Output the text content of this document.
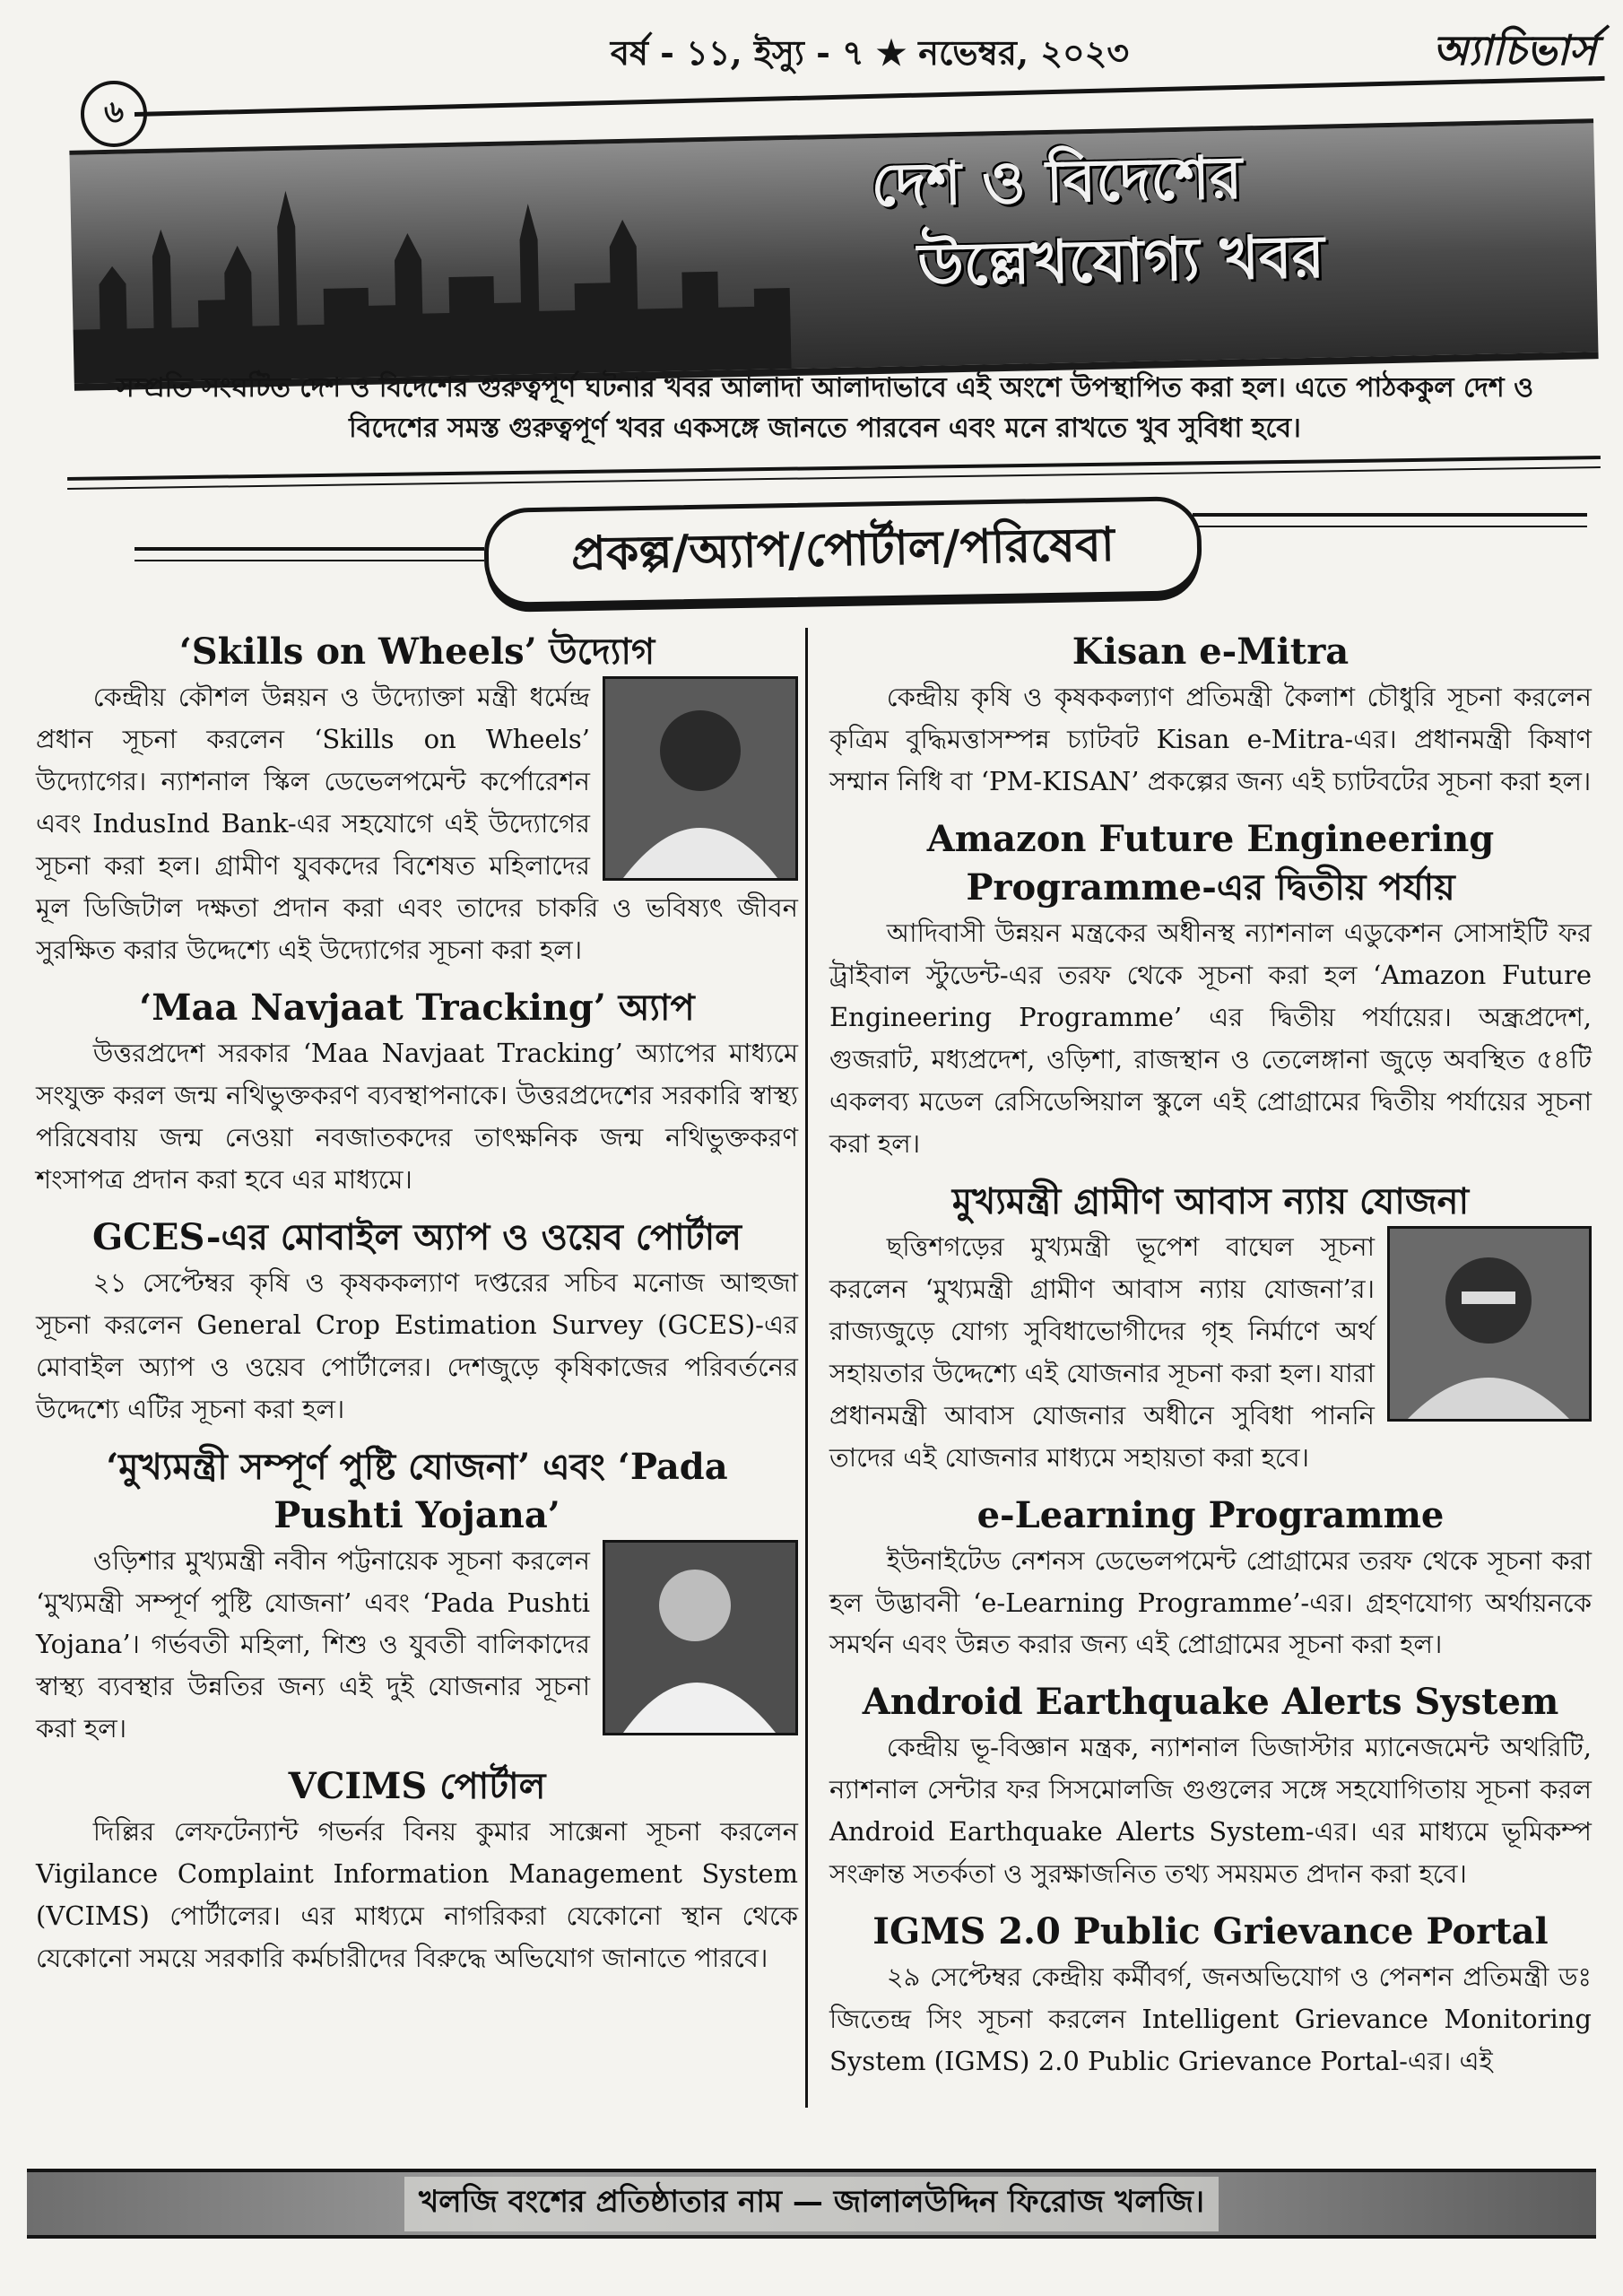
৬
বর্ষ - ১১, ইস্যু - ৭ ★ নভেম্বর, ২০২৩	অ্যাচিভার্স
দেশ ও বিদেশের
উল্লেখযোগ্য খবর
সম্প্রতি সংঘটিত দেশ ও বিদেশের গুরুত্বপূর্ণ ঘটনার খবর আলাদা আলাদাভাবে এই অংশে উপস্থাপিত করা হল। এতে পাঠককুল দেশ ও বিদেশের সমস্ত গুরুত্বপূর্ণ খবর একসঙ্গে জানতে পারবেন এবং মনে রাখতে খুব সুবিধা হবে।
প্রকল্প/অ্যাপ/পোর্টাল/পরিষেবা
‘Skills on Wheels’ উদ্যোগ

কেন্দ্রীয় কৌশল উন্নয়ন ও উদ্যোক্তা মন্ত্রী ধর্মেন্দ্র প্রধান সূচনা করলেন ‘Skills on Wheels’ উদ্যোগের। ন্যাশনাল স্কিল ডেভেলপমেন্ট কর্পোরেশন এবং IndusInd Bank-এর সহযোগে এই উদ্যোগের সূচনা করা হল। গ্রামীণ যুবকদের বিশেষত মহিলাদের মূল ডিজিটাল দক্ষতা প্রদান করা এবং তাদের চাকরি ও ভবিষ্যৎ জীবন সুরক্ষিত করার উদ্দেশ্যে এই উদ্যোগের সূচনা করা হল।

‘Maa Navjaat Tracking’ অ্যাপ

উত্তরপ্রদেশ সরকার ‘Maa Navjaat Tracking’ অ্যাপের মাধ্যমে সংযুক্ত করল জন্ম নথিভুক্তকরণ ব্যবস্থাপনাকে। উত্তরপ্রদেশের সরকারি স্বাস্থ্য পরিষেবায় জন্ম নেওয়া নবজাতকদের তাৎক্ষনিক জন্ম নথিভুক্তকরণ শংসাপত্র প্রদান করা হবে এর মাধ্যমে।

GCES-এর মোবাইল অ্যাপ ও ওয়েব পোর্টাল

২১ সেপ্টেম্বর কৃষি ও কৃষককল্যাণ দপ্তরের সচিব মনোজ আহুজা সূচনা করলেন General Crop Estimation Survey (GCES)-এর মোবাইল অ্যাপ ও ওয়েব পোর্টালের। দেশজুড়ে কৃষিকাজের পরিবর্তনের উদ্দেশ্যে এটির সূচনা করা হল।

‘মুখ্যমন্ত্রী সম্পূর্ণ পুষ্টি যোজনা’ এবং ‘Pada Pushti Yojana’

ওড়িশার মুখ্যমন্ত্রী নবীন পট্টনায়েক সূচনা করলেন ‘মুখ্যমন্ত্রী সম্পূর্ণ পুষ্টি যোজনা’ এবং ‘Pada Pushti Yojana’। গর্ভবতী মহিলা, শিশু ও যুবতী বালিকাদের স্বাস্থ্য ব্যবস্থার উন্নতির জন্য এই দুই যোজনার সূচনা করা হল।

VCIMS পোর্টাল

দিল্লির লেফটেন্যান্ট গভর্নর বিনয় কুমার সাক্সেনা সূচনা করলেন Vigilance Complaint Information Management System (VCIMS) পোর্টালের। এর মাধ্যমে নাগরিকরা যেকোনো স্থান থেকে যেকোনো সময়ে সরকারি কর্মচারীদের বিরুদ্ধে অভিযোগ জানাতে পারবে।

Kisan e-Mitra

কেন্দ্রীয় কৃষি ও কৃষককল্যাণ প্রতিমন্ত্রী কৈলাশ চৌধুরি সূচনা করলেন কৃত্রিম বুদ্ধিমত্তাসম্পন্ন চ্যাটবট Kisan e-Mitra-এর। প্রধানমন্ত্রী কিষাণ সম্মান নিধি বা ‘PM-KISAN’ প্রকল্পের জন্য এই চ্যাটবটের সূচনা করা হল।

Amazon Future Engineering Programme-এর দ্বিতীয় পর্যায়

আদিবাসী উন্নয়ন মন্ত্রকের অধীনস্থ ন্যাশনাল এডুকেশন সোসাইটি ফর ট্রাইবাল স্টুডেন্ট-এর তরফ থেকে সূচনা করা হল ‘Amazon Future Engineering Programme’ এর দ্বিতীয় পর্যায়ের। অন্ধ্রপ্রদেশ, গুজরাট, মধ্যপ্রদেশ, ওড়িশা, রাজস্থান ও তেলেঙ্গানা জুড়ে অবস্থিত ৫৪টি একলব্য মডেল রেসিডেন্সিয়াল স্কুলে এই প্রোগ্রামের দ্বিতীয় পর্যায়ের সূচনা করা হল।

মুখ্যমন্ত্রী গ্রামীণ আবাস ন্যায় যোজনা

ছত্তিশগড়ের মুখ্যমন্ত্রী ভূপেশ বাঘেল সূচনা করলেন ‘মুখ্যমন্ত্রী গ্রামীণ আবাস ন্যায় যোজনা’র। রাজ্যজুড়ে যোগ্য সুবিধাভোগীদের গৃহ নির্মাণে অর্থ সহায়তার উদ্দেশ্যে এই যোজনার সূচনা করা হল। যারা প্রধানমন্ত্রী আবাস যোজনার অধীনে সুবিধা পাননি তাদের এই যোজনার মাধ্যমে সহায়তা করা হবে।

e-Learning Programme

ইউনাইটেড নেশনস ডেভেলপমেন্ট প্রোগ্রামের তরফ থেকে সূচনা করা হল উদ্ভাবনী ‘e-Learning Programme’-এর। গ্রহণযোগ্য অর্থায়নকে সমর্থন এবং উন্নত করার জন্য এই প্রোগ্রামের সূচনা করা হল।

Android Earthquake Alerts System

কেন্দ্রীয় ভূ-বিজ্ঞান মন্ত্রক, ন্যাশনাল ডিজাস্টার ম্যানেজমেন্ট অথরিটি, ন্যাশনাল সেন্টার ফর সিসমোলজি গুগুলের সঙ্গে সহযোগিতায় সূচনা করল Android Earthquake Alerts System-এর। এর মাধ্যমে ভূমিকম্প সংক্রান্ত সতর্কতা ও সুরক্ষাজনিত তথ্য সময়মত প্রদান করা হবে।

IGMS 2.0 Public Grievance Portal

২৯ সেপ্টেম্বর কেন্দ্রীয় কর্মীবর্গ, জনঅভিযোগ ও পেনশন প্রতিমন্ত্রী ডঃ জিতেন্দ্র সিং সূচনা করলেন Intelligent Grievance Monitoring System (IGMS) 2.0 Public Grievance Portal-এর। এই

খলজি বংশের প্রতিষ্ঠাতার নাম — জালালউদ্দিন ফিরোজ খলজি।
